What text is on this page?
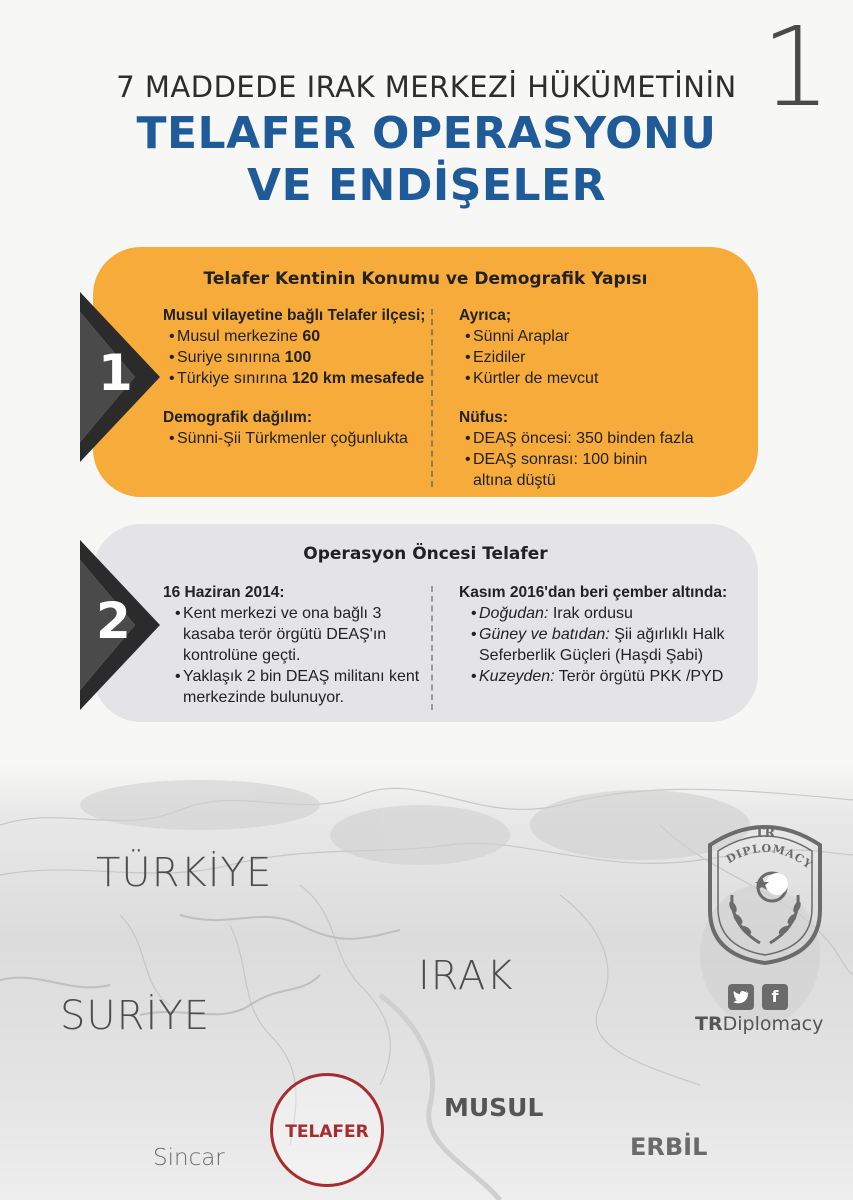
1
7 MADDEDE IRAK MERKEZİ HÜKÜMETİNİN
TELAFER OPERASYONU
VE ENDİŞELER
Telafer Kentinin Konumu ve Demografik Yapısı
Musul vilayetine bağlı Telafer ilçesi;
• Musul merkezine 60
• Suriye sınırına 100
• Türkiye sınırına 120 km mesafede
Demografik dağılım:
• Sünni-Şii Türkmenler çoğunlukta
Ayrıca;
• Sünni Araplar
• Ezidiler
• Kürtler de mevcut
Nüfus:
• DEAŞ öncesi: 350 binden fazla
• DEAŞ sonrası: 100 binin altına düştü
1
Operasyon Öncesi Telafer
16 Haziran 2014:
• Kent merkezi ve ona bağlı 3 kasaba terör örgütü DEAŞ'ın kontrolüne geçti.
• Yaklaşık 2 bin DEAŞ militanı kent merkezinde bulunuyor.
Kasım 2016'dan beri çember altında:
• Doğudan: Irak ordusu
• Güney ve batıdan: Şii ağırlıklı Halk Seferberlik Güçleri (Haşdi Şabi)
• Kuzeyden: Terör örgütü PKK /PYD
2
TÜRKİYE
IRAK
SURİYE
Sincar
MUSUL
ERBİL
TELAFER
TR
DIPLOMACY
f
TRDiplomacy
